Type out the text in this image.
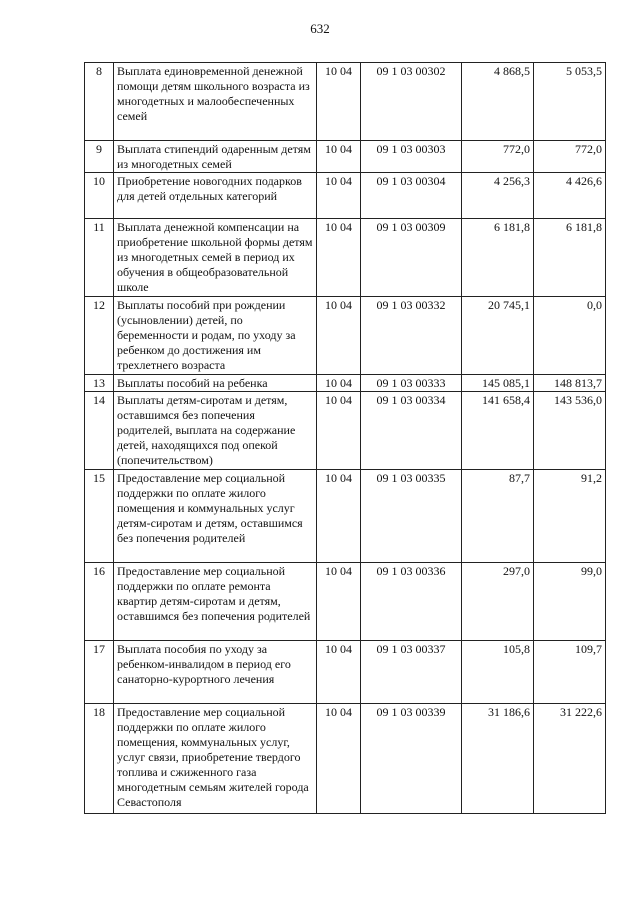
632
8	Выплата единовременной денежной помощи детям школьного возраста из многодетных и малообеспеченных семей	10 04	09 1 03 00302	4 868,5	5 053,5
9	Выплата стипендий одаренным детям из многодетных семей	10 04	09 1 03 00303	772,0	772,0
10	Приобретение новогодних подарков для детей отдельных категорий	10 04	09 1 03 00304	4 256,3	4 426,6
11	Выплата денежной компенсации на приобретение школьной формы детям из многодетных семей в период их обучения в общеобразовательной школе	10 04	09 1 03 00309	6 181,8	6 181,8
12	Выплаты пособий при рождении (усыновлении) детей, по беременности и родам, по уходу за ребенком до достижения им трехлетнего возраста	10 04	09 1 03 00332	20 745,1	0,0
13	Выплаты пособий на ребенка	10 04	09 1 03 00333	145 085,1	148 813,7
14	Выплаты детям-сиротам и детям, оставшимся без попечения родителей, выплата на содержание детей, находящихся под опекой (попечительством)	10 04	09 1 03 00334	141 658,4	143 536,0
15	Предоставление мер социальной поддержки по оплате жилого помещения и коммунальных услуг детям-сиротам и детям, оставшимся без попечения родителей	10 04	09 1 03 00335	87,7	91,2
16	Предоставление мер социальной поддержки по оплате ремонта квартир детям-сиротам и детям, оставшимся без попечения родителей	10 04	09 1 03 00336	297,0	99,0
17	Выплата пособия по уходу за ребенком-инвалидом в период его санаторно-курортного лечения	10 04	09 1 03 00337	105,8	109,7
18	Предоставление мер социальной поддержки по оплате жилого помещения, коммунальных услуг, услуг связи, приобретение твердого топлива и сжиженного газа многодетным семьям жителей города Севастополя	10 04	09 1 03 00339	31 186,6	31 222,6
